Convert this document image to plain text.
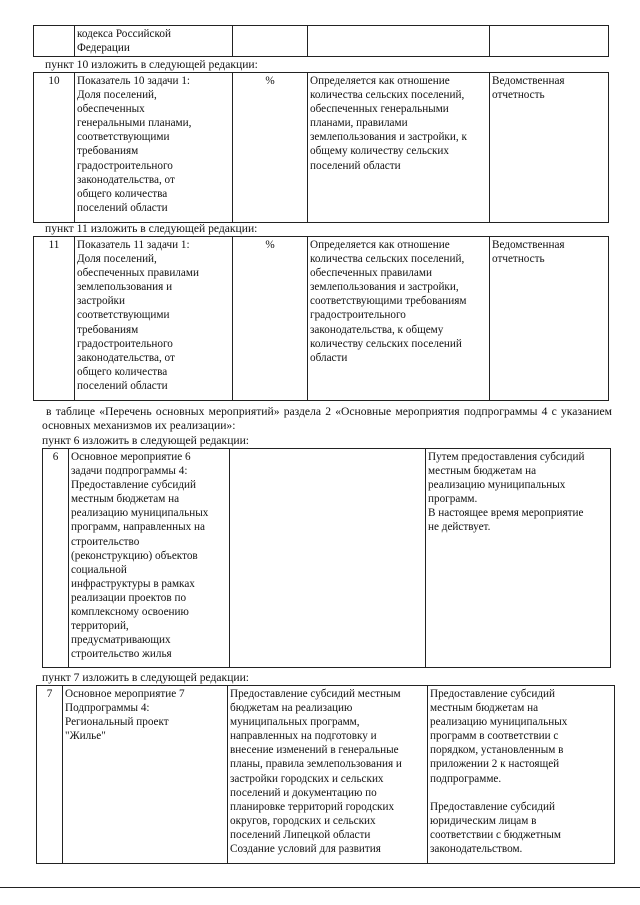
	кодекса Российской
Федерации			
пункт 10 изложить в следующей редакции:
10	Показатель 10 задачи 1:
Доля поселений,
обеспеченных
генеральными планами,
соответствующими
требованиям
градостроительного
законодательства, от
общего количества
поселений области	%	Определяется как отношение
количества сельских поселений,
обеспеченных генеральными
планами, правилами
землепользования и застройки, к
общему количеству сельских
поселений области	Ведомственная
отчетность
пункт 11 изложить в следующей редакции:
11	Показатель 11 задачи 1:
Доля поселений,
обеспеченных правилами
землепользования и
застройки
соответствующими
требованиям
градостроительного
законодательства, от
общего количества
поселений области	%	Определяется как отношение
количества сельских поселений,
обеспеченных правилами
землепользования и застройки,
соответствующими требованиям
градостроительного
законодательства, к общему
количеству сельских поселений
области	Ведомственная
отчетность
в таблице «Перечень основных мероприятий» раздела 2 «Основные мероприятия подпрограммы 4 с указанием основных механизмов их реализации»:
пункт 6 изложить в следующей редакции:
6	Основное мероприятие 6
задачи подпрограммы 4:
Предоставление субсидий
местным бюджетам на
реализацию муниципальных
программ, направленных на
строительство
(реконструкцию) объектов
социальной
инфраструктуры в рамках
реализации проектов по
комплексному освоению
территорий,
предусматривающих
строительство жилья		Путем предоставления субсидий
местным бюджетам на
реализацию муниципальных
программ.
В настоящее время мероприятие
не действует.
пункт 7 изложить в следующей редакции:
7	Основное мероприятие 7
Подпрограммы 4:
Региональный проект
"Жилье"	Предоставление субсидий местным
бюджетам на реализацию
муниципальных программ,
направленных на подготовку и
внесение изменений в генеральные
планы, правила землепользования и
застройки городских и сельских
поселений и документацию по
планировке территорий городских
округов, городских и сельских
поселений Липецкой области
Создание условий для развития	Предоставление субсидий
местным бюджетам на
реализацию муниципальных
программ в соответствии с
порядком, установленным в
приложении 2 к настоящей
подпрограмме.

Предоставление субсидий
юридическим лицам в
соответствии с бюджетным
законодательством.
